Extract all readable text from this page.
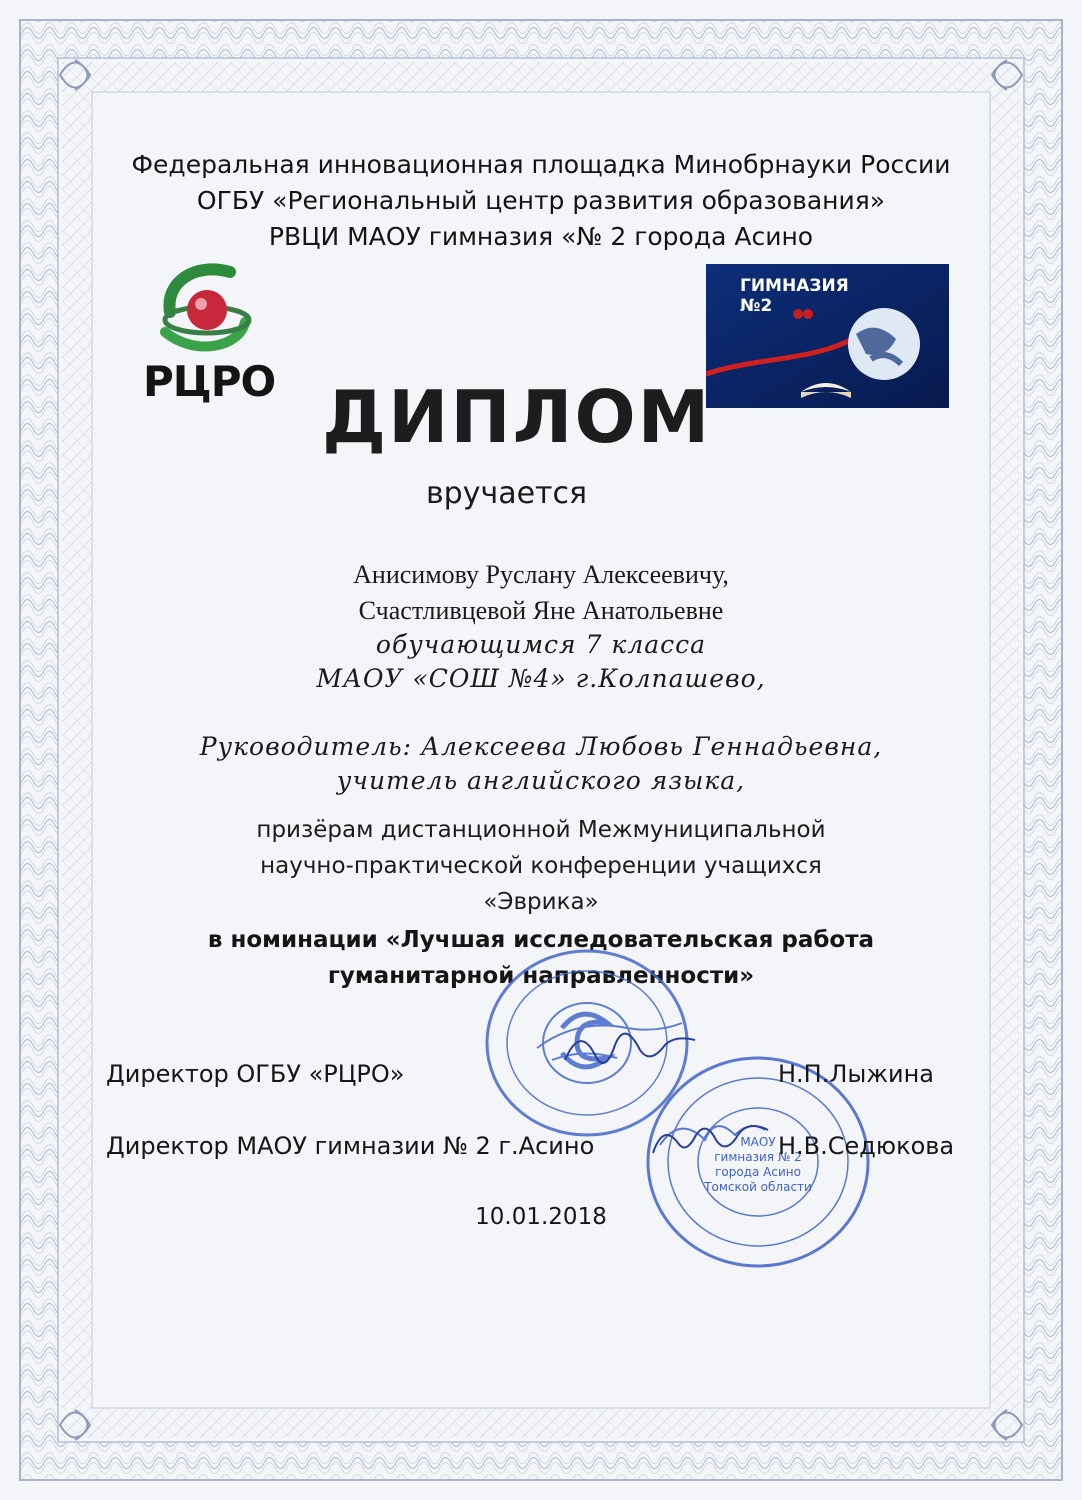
Федеральная инновационная площадка Минобрнауки России
ОГБУ «Региональный центр развития образования»
РВЦИ МАОУ гимназия «№ 2 города Асино
РЦРО
ГИМНАЗИЯ
№2
ДИПЛОМ
вручается
Анисимову Руслану Алексеевичу,
Счастливцевой Яне Анатольевне
обучающимся 7 класса
МАОУ «СОШ №4» г.Колпашево,
Руководитель: Алексеева Любовь Геннадьевна,
учитель английского языка,
призёрам дистанционной Межмуниципальной
научно-практической конференции учащихся
«Эврика»
в номинации «Лучшая исследовательская работа
гуманитарной направленности»
МАОУ
гимназия № 2
города Асино
Томской области
Директор ОГБУ «РЦРО»	Н.П.Лыжина
Директор МАОУ гимназии № 2 г.Асино	Н.В.Седюкова
10.01.2018
